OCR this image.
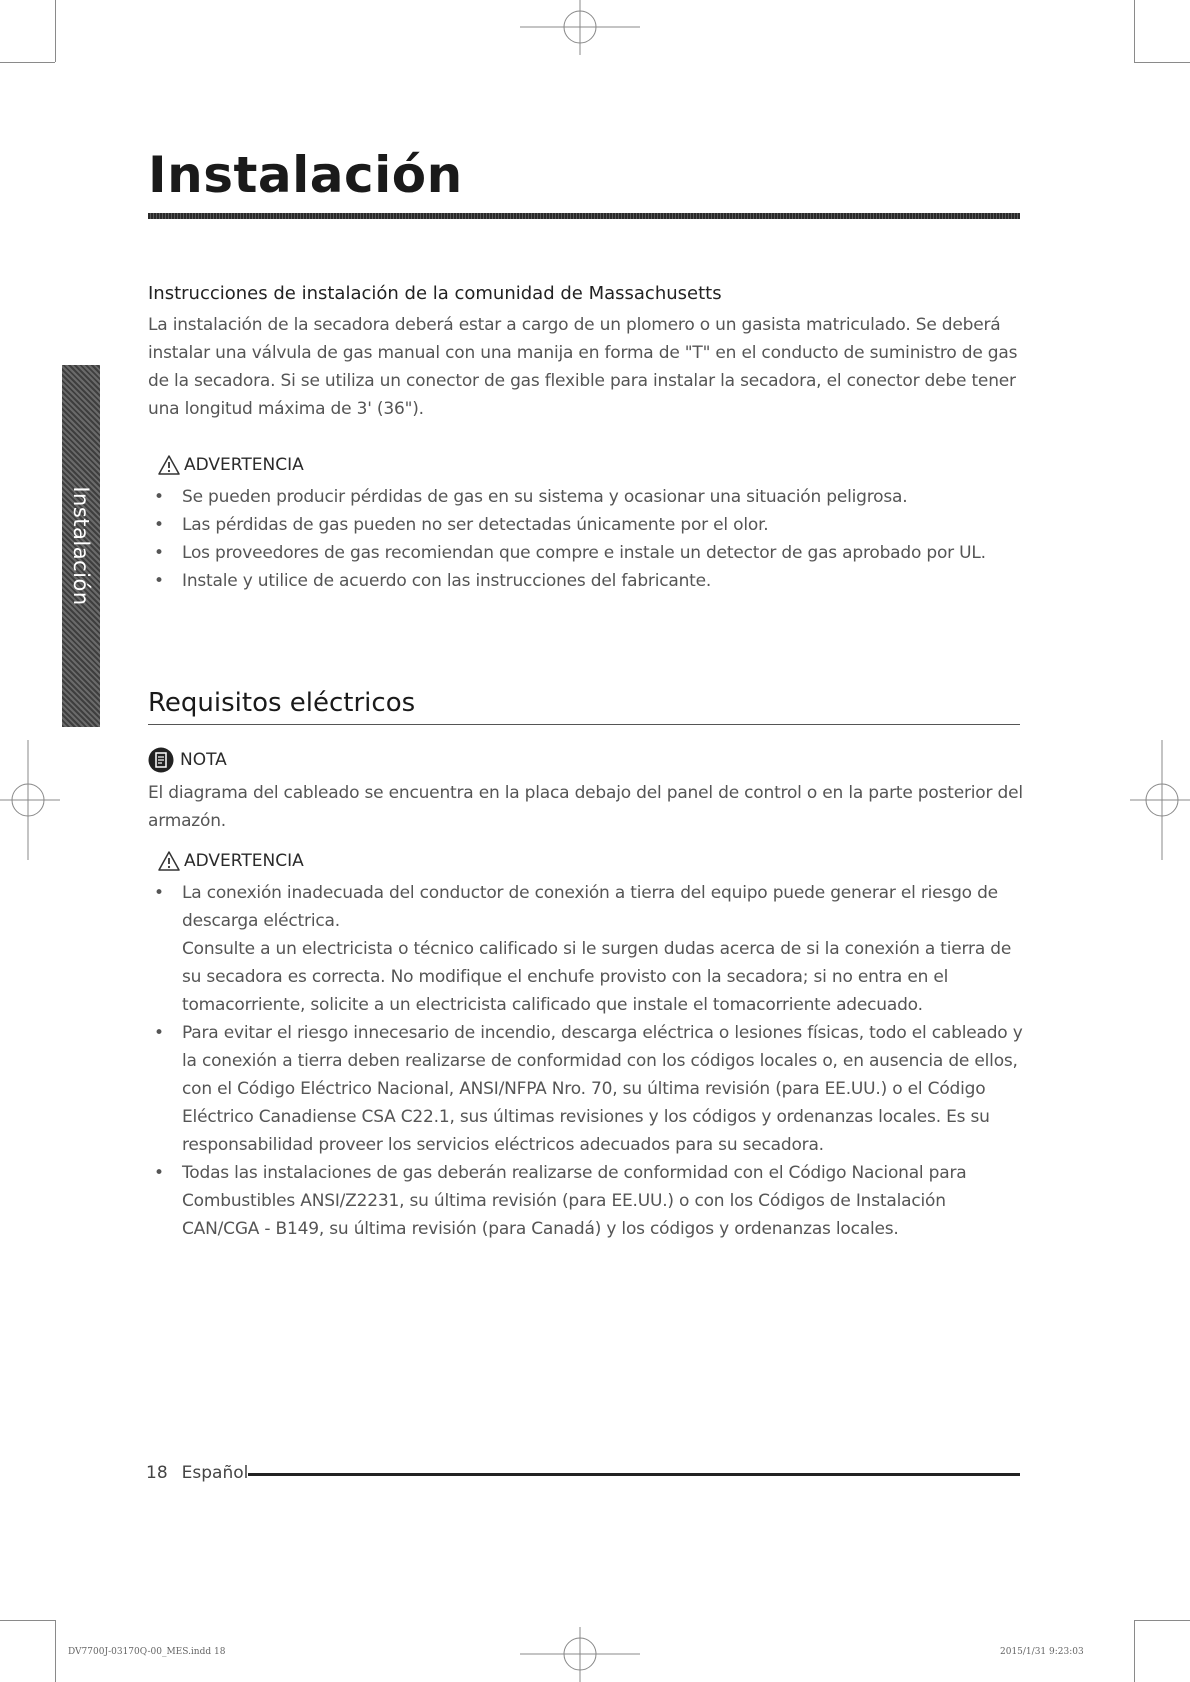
Instalación
Instalación
Instrucciones de instalación de la comunidad de Massachusetts

La instalación de la secadora deberá estar a cargo de un plomero o un gasista matriculado. Se deberá instalar una válvula de gas manual con una manija en forma de "T" en el conducto de suministro de gas de la secadora. Si se utiliza un conector de gas flexible para instalar la secadora, el conector debe tener una longitud máxima de 3' (36").

ADVERTENCIA
• Se pueden producir pérdidas de gas en su sistema y ocasionar una situación peligrosa.
• Las pérdidas de gas pueden no ser detectadas únicamente por el olor.
• Los proveedores de gas recomiendan que compre e instale un detector de gas aprobado por UL.
• Instale y utilice de acuerdo con las instrucciones del fabricante.
Requisitos eléctricos
NOTA

El diagrama del cableado se encuentra en la placa debajo del panel de control o en la parte posterior del armazón.

ADVERTENCIA

• La conexión inadecuada del conductor de conexión a tierra del equipo puede generar el riesgo de descarga eléctrica.

Consulte a un electricista o técnico calificado si le surgen dudas acerca de si la conexión a tierra de su secadora es correcta. No modifique el enchufe provisto con la secadora; si no entra en el tomacorriente, solicite a un electricista calificado que instale el tomacorriente adecuado.

• Para evitar el riesgo innecesario de incendio, descarga eléctrica o lesiones físicas, todo el cableado y la conexión a tierra deben realizarse de conformidad con los códigos locales o, en ausencia de ellos, con el Código Eléctrico Nacional, ANSI/NFPA Nro. 70, su última revisión (para EE.UU.) o el Código Eléctrico Canadiense CSA C22.1, sus últimas revisiones y los códigos y ordenanzas locales. Es su responsabilidad proveer los servicios eléctricos adecuados para su secadora.

• Todas las instalaciones de gas deberán realizarse de conformidad con el Código Nacional para Combustibles ANSI/Z2231, su última revisión (para EE.UU.) o con los Códigos de Instalación CAN/CGA - B149, su última revisión (para Canadá) y los códigos y ordenanzas locales.

18 Español
DV7700J-03170Q-00_MES.indd 18	2015/1/31 9:23:03
